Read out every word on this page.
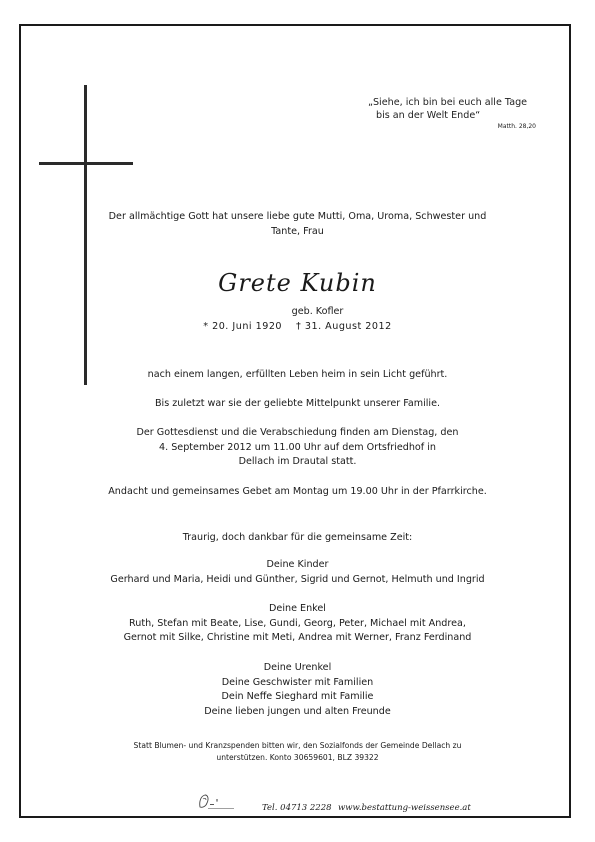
„Siehe, ich bin bei euch alle Tage
bis an der Welt Ende“
Matth. 28,20
Der allmächtige Gott hat unsere liebe gute Mutti, Oma, Uroma, Schwester und
Tante, Frau
Grete Kubin
geb. Kofler
* 20. Juni 1920 † 31. August 2012
nach einem langen, erfüllten Leben heim in sein Licht geführt.
Bis zuletzt war sie der geliebte Mittelpunkt unserer Familie.
Der Gottesdienst und die Verabschiedung finden am Dienstag, den
4. September 2012 um 11.00 Uhr auf dem Ortsfriedhof in
Dellach im Drautal statt.
Andacht und gemeinsames Gebet am Montag um 19.00 Uhr in der Pfarrkirche.
Traurig, doch dankbar für die gemeinsame Zeit:
Deine Kinder
Gerhard und Maria, Heidi und Günther, Sigrid und Gernot, Helmuth und Ingrid
Deine Enkel
Ruth, Stefan mit Beate, Lise, Gundi, Georg, Peter, Michael mit Andrea,
Gernot mit Silke, Christine mit Meti, Andrea mit Werner, Franz Ferdinand
Deine Urenkel
Deine Geschwister mit Familien
Dein Neffe Sieghard mit Familie
Deine lieben jungen und alten Freunde
Statt Blumen- und Kranzspenden bitten wir, den Sozialfonds der Gemeinde Dellach zu
unterstützen. Konto 30659601, BLZ 39322
Tel. 04713 2228 www.bestattung-weissensee.at
